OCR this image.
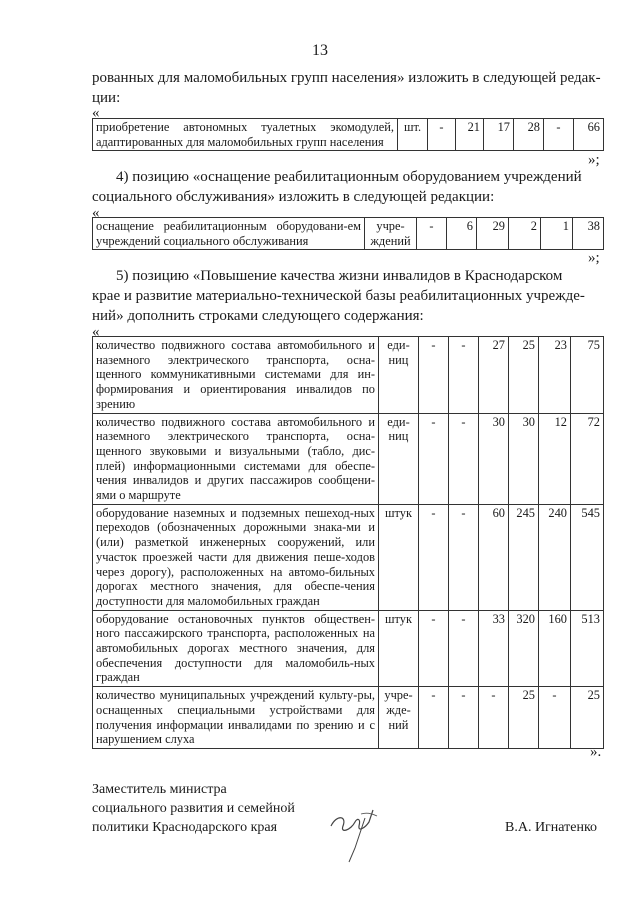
13
рованных для маломобильных групп населения» изложить в следующей редак-
ции:
«
приобретение автономных туалетных экомодулей, адаптированных для маломобильных групп населения	шт.	-	21	17	28	-	66
»;
4) позицию «оснащение реабилитационным оборудованием учреждений
социального обслуживания» изложить в следующей редакции:
«
оснащение реабилитационным оборудовани-ем учреждений социального обслуживания	учре-ждений	-	6	29	2	1	38
»;
5) позицию «Повышение качества жизни инвалидов в Краснодарском
крае и развитие материально-технической базы реабилитационных учрежде-
ний» дополнить строками следующего содержания:
«
количество подвижного состава автомобильного и наземного электрического транспорта, осна-щенного коммуникативными системами для ин-формирования и ориентирования инвалидов по зрению	еди-ниц	-	-	27	25	23	75
количество подвижного состава автомобильного и наземного электрического транспорта, осна-щенного звуковыми и визуальными (табло, дис-плей) информационными системами для обеспе-чения инвалидов и других пассажиров сообщени-ями о маршруте	еди-ниц	-	-	30	30	12	72
оборудование наземных и подземных пешеход-ных переходов (обозначенных дорожными знака-ми и (или) разметкой инженерных сооружений, или участок проезжей части для движения пеше-ходов через дорогу), расположенных на автомо-бильных дорогах местного значения, для обеспе-чения доступности для маломобильных граждан	штук	-	-	60	245	240	545
оборудование остановочных пунктов обществен-ного пассажирского транспорта, расположенных на автомобильных дорогах местного значения, для обеспечения доступности для маломобиль-ных граждан	штук	-	-	33	320	160	513
количество муниципальных учреждений культу-ры, оснащенных специальными устройствами для получения информации инвалидами по зрению и с нарушением слуха	учре-жде-ний	-	-	-	25	-	25
».
Заместитель министра
социального развития и семейной
политики Краснодарского края	В.А. Игнатенко
